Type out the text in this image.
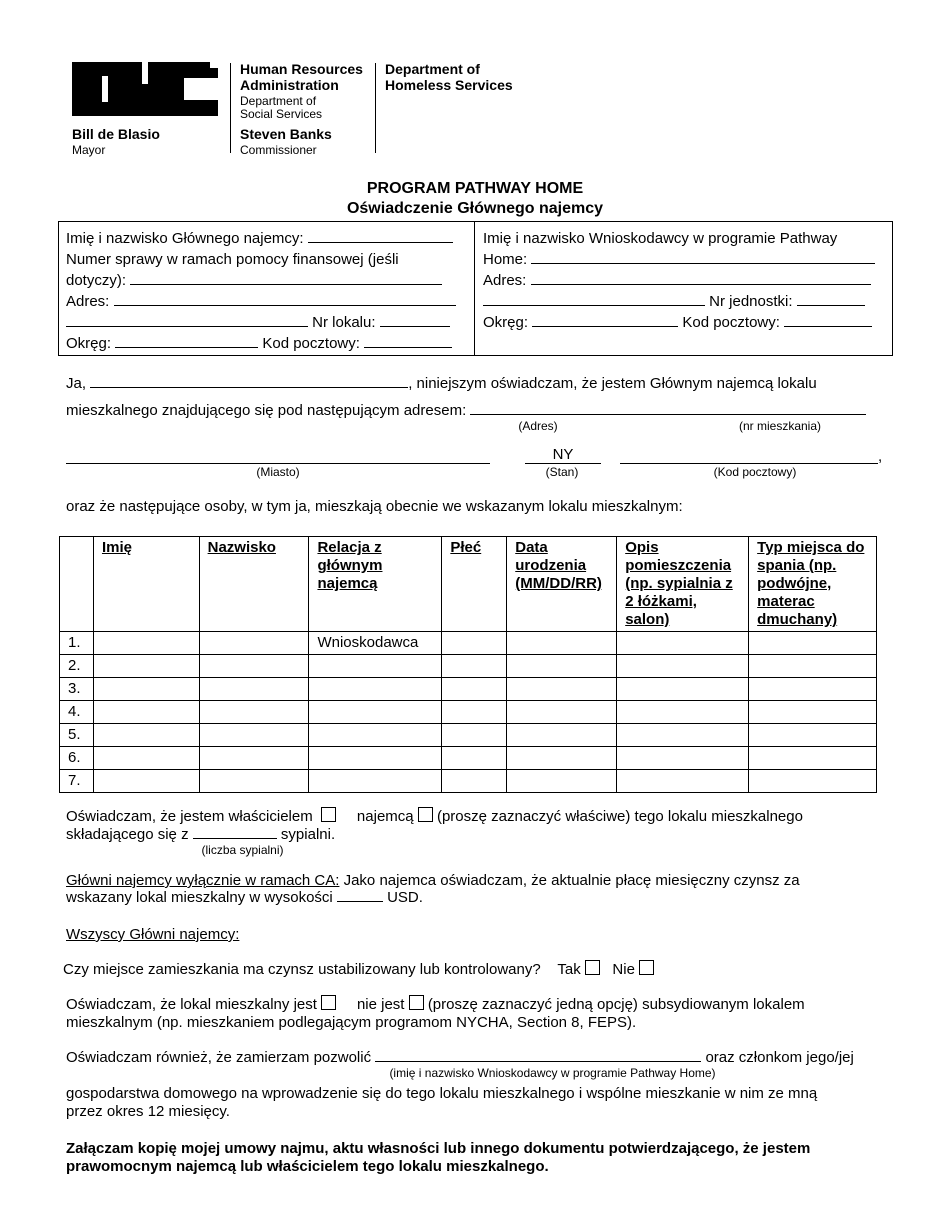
Bill de Blasio
Mayor
Human Resources
Administration
Department of
Social Services
Steven Banks
Commissioner
Department of
Homeless Services
PROGRAM PATHWAY HOME
Oświadczenie Głównego najemcy
Imię i nazwisko Głównego najemcy:
Numer sprawy w ramach pomocy finansowej (jeśli
dotyczy):
Adres:
Nr lokalu:
Okręg:	Kod pocztowy:
Imię i nazwisko Wnioskodawcy w programie Pathway
Home:
Adres:
Nr jednostki:
Okręg:	Kod pocztowy:
Ja,	, niniejszym oświadczam, że jestem Głównym najemcą lokalu
mieszkalnego znajdującego się pod następującym adresem:
(Adres)	(nr mieszkania)
NY	,
(Miasto)	(Stan)	(Kod pocztowy)
oraz że następujące osoby, w tym ja, mieszkają obecnie we wskazanym lokalu mieszkalnym:
	Imię	Nazwisko	Relacja z głównym najemcą	Płeć	Data urodzenia (MM/DD/RR)	Opis pomieszczenia (np. sypialnia z 2 łóżkami, salon)	Typ miejsca do spania (np. podwójne, materac dmuchany)
1.			Wnioskodawca				
2.							
3.							
4.							
5.							
6.							
7.							
Oświadczam, że jestem właścicielem	najemcą (proszę zaznaczyć właściwe) tego lokalu mieszkalnego
składającego się z	sypialni.
(liczba sypialni)
Główni najemcy wyłącznie w ramach CA: Jako najemca oświadczam, że aktualnie płacę miesięczny czynsz za
wskazany lokal mieszkalny w wysokości	USD.
Wszyscy Główni najemcy:
Czy miejsce zamieszkania ma czynsz ustabilizowany lub kontrolowany? Tak Nie
Oświadczam, że lokal mieszkalny jest	nie jest (proszę zaznaczyć jedną opcję) subsydiowanym lokalem
mieszkalnym (np. mieszkaniem podlegającym programom NYCHA, Section 8, FEPS).
Oświadczam również, że zamierzam pozwolić	oraz członkom jego/jej
(imię i nazwisko Wnioskodawcy w programie Pathway Home)
gospodarstwa domowego na wprowadzenie się do tego lokalu mieszkalnego i wspólne mieszkanie w nim ze mną
przez okres 12 miesięcy.
Załączam kopię mojej umowy najmu, aktu własności lub innego dokumentu potwierdzającego, że jestem
prawomocnym najemcą lub właścicielem tego lokalu mieszkalnego.
